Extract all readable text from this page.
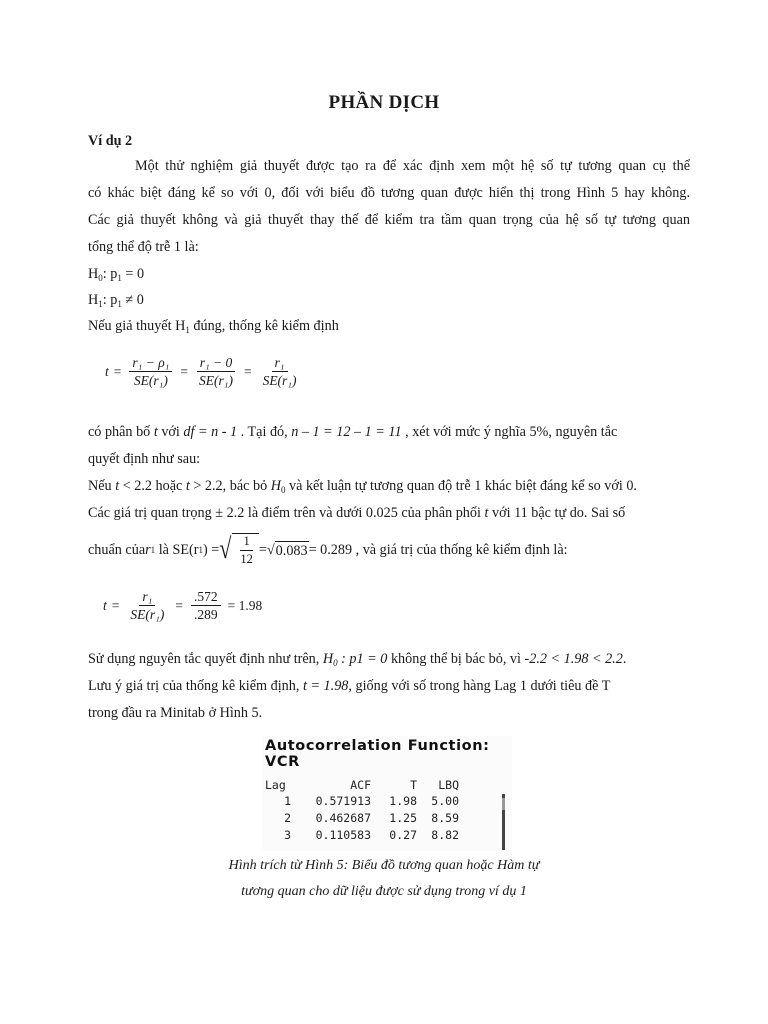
PHẦN DỊCH
Ví dụ 2
Một thử nghiệm giả thuyết được tạo ra để xác định xem một hệ số tự tương quan cụ thể
có khác biệt đáng kể so với 0, đối với biểu đồ tương quan được hiển thị trong Hình 5 hay không.
Các giả thuyết không và giả thuyết thay thế để kiểm tra tầm quan trọng của hệ số tự tương quan
tổng thể độ trễ 1 là:
$H_0$: $p_1 = 0$
$H_1$: $p_1 \ne 0$
Nếu giả thuyết $H_1$ đúng, thống kê kiểm định
$t = \frac{\text{r₁ − ρ₁}}{\text{SE(r₁)}} = \frac{\text{r₁ − 0}}{\text{SE(r₁)}} = \frac{\text{r₁}}{\text{SE(r₁)}}$
có phân bố t với df = n - 1 . Tại đó, n – 1 = 12 – 1 = 11 , xét với mức ý nghĩa 5%, nguyên tắc
quyết định như sau:
Nếu t < 2.2 hoặc t > 2.2, bác bỏ $H_0$ và kết luận tự tương quan độ trễ 1 khác biệt đáng kể so với 0.
Các giá trị quan trọng ± 2.2 là điểm trên và dưới 0.025 của phân phối t với 11 bậc tự do. Sai số
chuẩn của r 1
là SE(r 1 ) = √ $\frac{1}{12}$ = √ 0.083 = 0.289 , và giá trị của thống kê kiểm định là:
$t = \frac{\text{r₁}}{\text{SE(r₁)}} = \frac{.572}{.289} = 1.98$
Sử dụng nguyên tắc quyết định như trên, $H_0$ : p1 = 0 không thể bị bác bỏ, vì -2.2 < 1.98 < 2.2.
Lưu ý giá trị của thống kê kiểm định, t = 1.98, giống với số trong hàng Lag 1 dưới tiêu đề T
trong đầu ra Minitab ở Hình 5.
Autocorrelation Function: VCR
Lag	ACF	T LBQ
1 0.571913 1.98 5.00
2 0.462687 1.25 8.59
3 0.110583 0.27 8.82
Hình trích từ Hình 5: Biểu đồ tương quan hoặc Hàm tự
tương quan cho dữ liệu được sử dụng trong ví dụ 1
